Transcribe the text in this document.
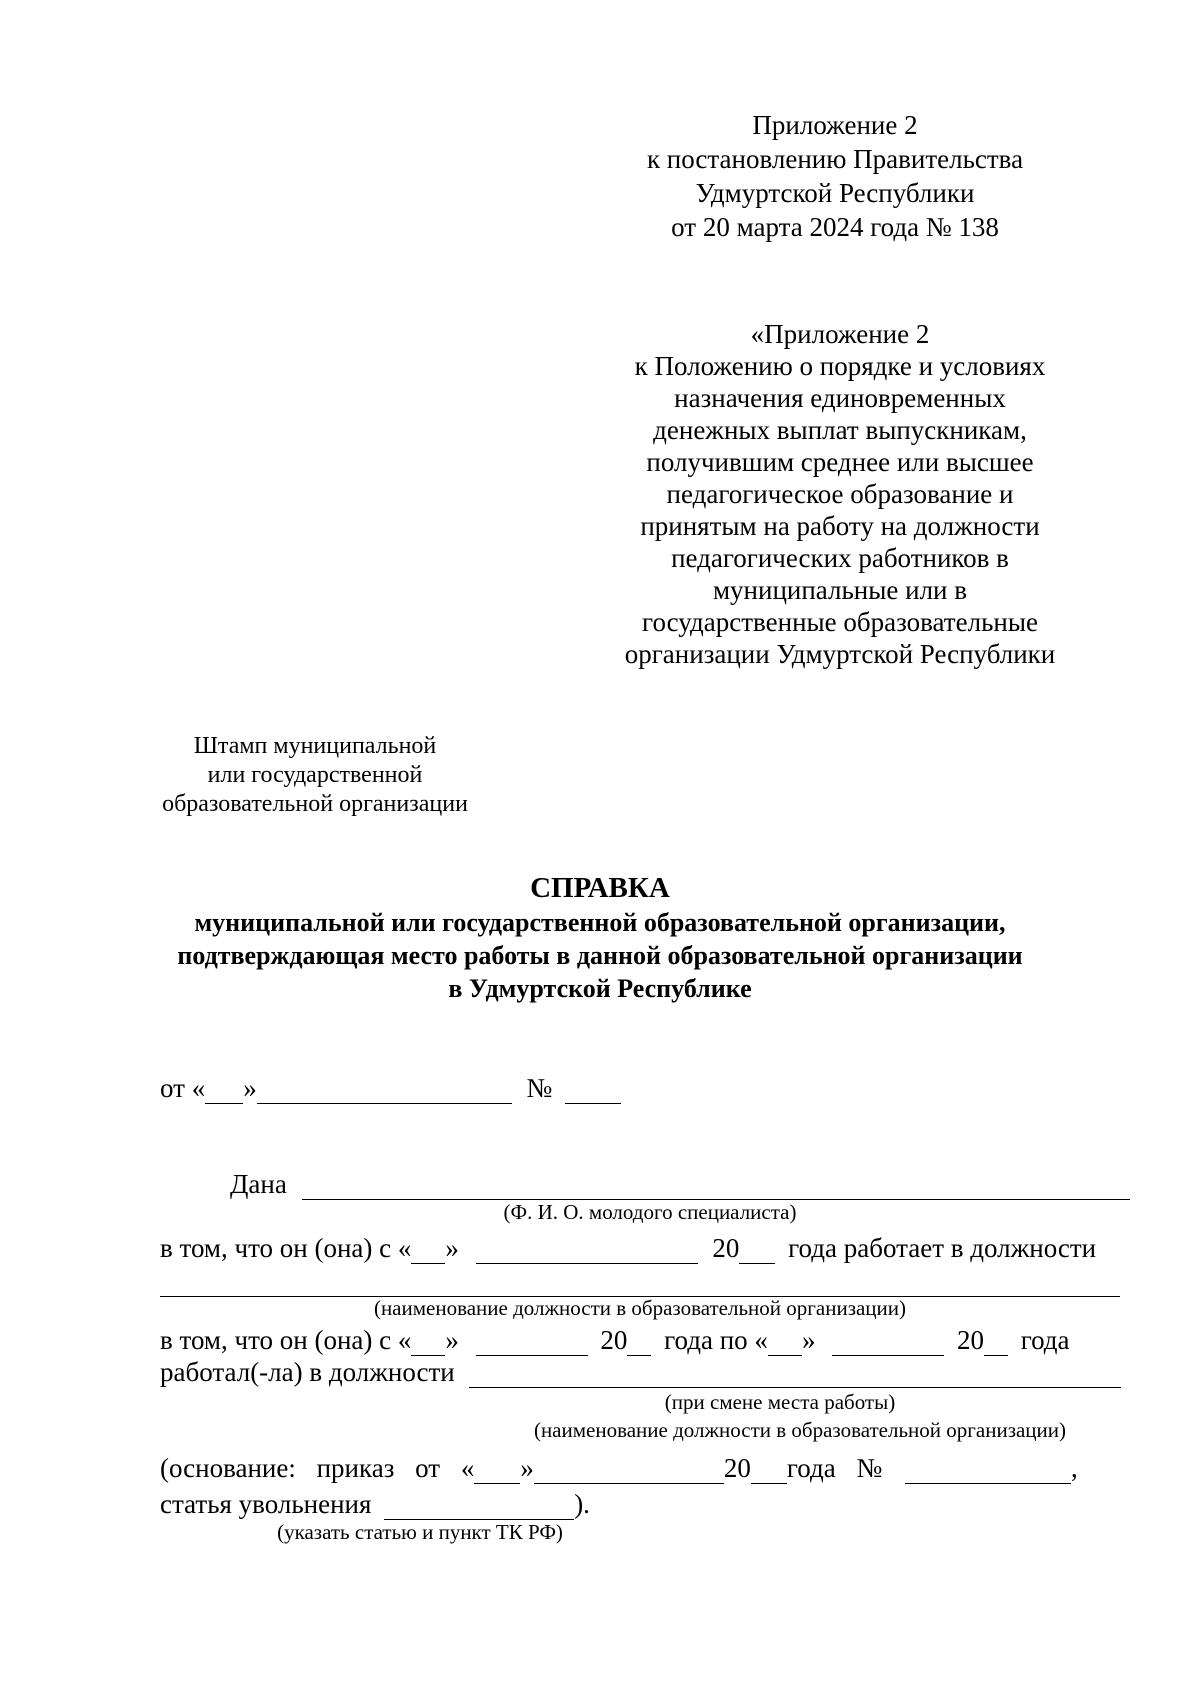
Приложение 2
к постановлению Правительства
Удмуртской Республики
от 20 марта 2024 года № 138
«Приложение 2
к Положению о порядке и условиях
назначения единовременных
денежных выплат выпускникам,
получившим среднее или высшее
педагогическое образование и
принятым на работу на должности
педагогических работников в
муниципальные или в
государственные образовательные
организации Удмуртской Республики
Штамп муниципальной
или государственной
образовательной организации
СПРАВКА
муниципальной или государственной образовательной организации,
подтверждающая место работы в данной образовательной организации
в Удмуртской Республике
от « »	№
Дана
(Ф. И. О. молодого специалиста)
в том, что он (она) с « »	20 года работает в должности
(наименование должности в образовательной организации)
в том, что он (она) с « »	20 года по « »	20 года
работал(-ла) в должности
(при смене места работы)
(наименование должности в образовательной организации)
(основание: приказ от « »	20 года №	,
статья увольнения	).
(указать статью и пункт ТК РФ)
